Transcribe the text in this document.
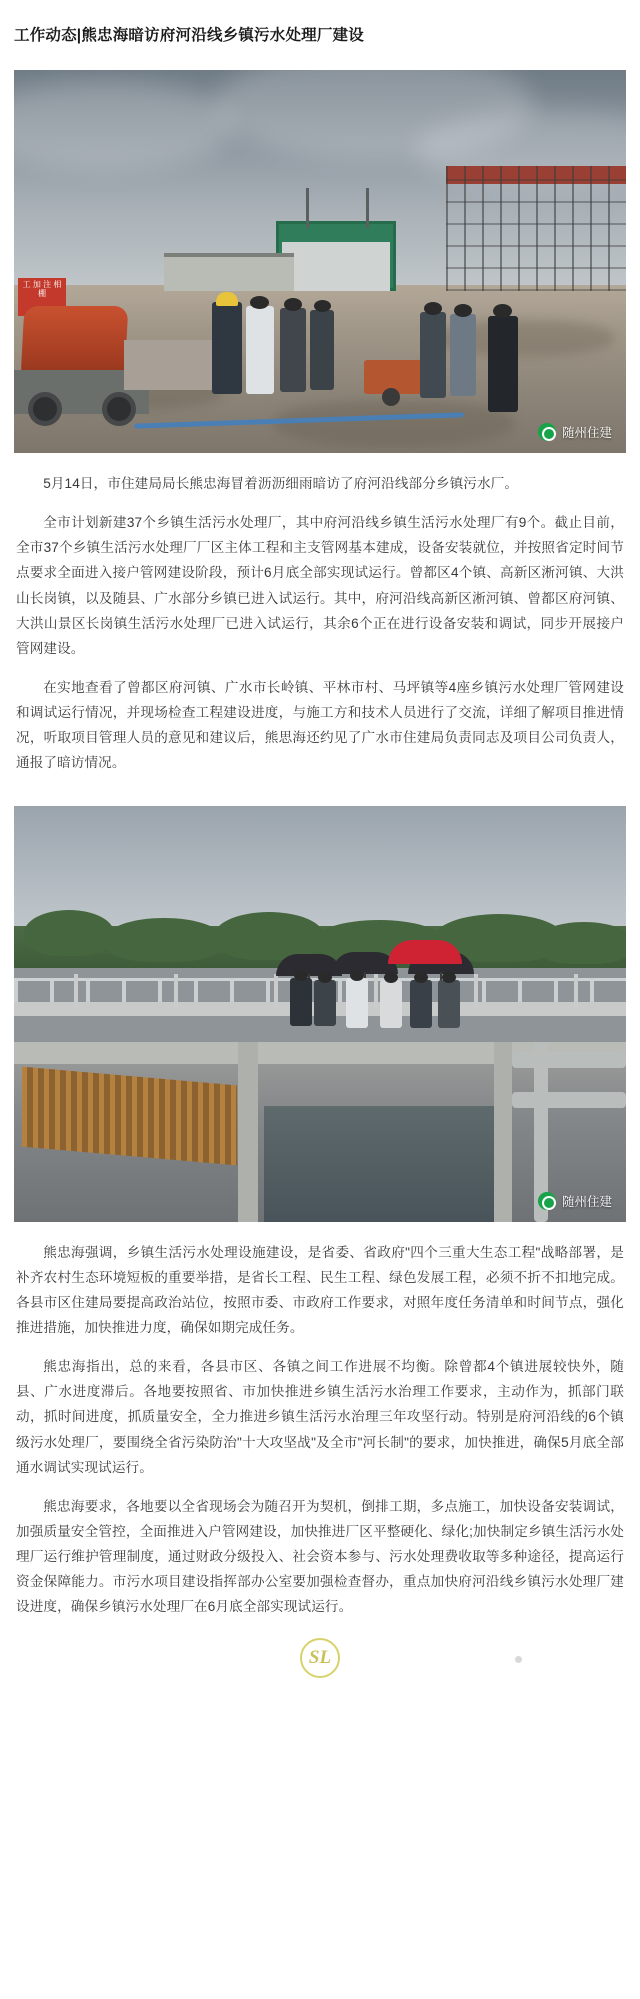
工作动态|熊忠海暗访府河沿线乡镇污水处理厂建设
工 加 注 相 棚
随州住建

5月14日，市住建局局长熊忠海冒着沥沥细雨暗访了府河沿线部分乡镇污水厂。

全市计划新建37个乡镇生活污水处理厂，其中府河沿线乡镇生活污水处理厂有9个。截止目前，全市37个乡镇生活污水处理厂厂区主体工程和主支管网基本建成，设备安装就位，并按照省定时间节点要求全面进入接户管网建设阶段，预计6月底全部实现试运行。曾都区4个镇、高新区淅河镇、大洪山长岗镇，以及随县、广水部分乡镇已进入试运行。其中，府河沿线高新区淅河镇、曾都区府河镇、大洪山景区长岗镇生活污水处理厂已进入试运行，其余6个正在进行设备安装和调试，同步开展接户管网建设。

在实地查看了曾都区府河镇、广水市长岭镇、平林市村、马坪镇等4座乡镇污水处理厂管网建设和调试运行情况，并现场检查工程建设进度，与施工方和技术人员进行了交流，详细了解项目推进情况，听取项目管理人员的意见和建议后，熊思海还约见了广水市住建局负责同志及项目公司负责人，通报了暗访情况。

随州住建

熊忠海强调，乡镇生活污水处理设施建设，是省委、省政府"四个三重大生态工程"战略部署，是补齐农村生态环境短板的重要举措，是省长工程、民生工程、绿色发展工程，必须不折不扣地完成。各县市区住建局要提高政治站位，按照市委、市政府工作要求，对照年度任务清单和时间节点，强化推进措施，加快推进力度，确保如期完成任务。

熊忠海指出，总的来看，各县市区、各镇之间工作进展不均衡。除曾都4个镇进展较快外，随县、广水进度滞后。各地要按照省、市加快推进乡镇生活污水治理工作要求，主动作为，抓部门联动，抓时间进度，抓质量安全，全力推进乡镇生活污水治理三年攻坚行动。特别是府河沿线的6个镇级污水处理厂，要围绕全省污染防治"十大攻坚战"及全市"河长制"的要求，加快推进，确保5月底全部通水调试实现试运行。

熊忠海要求，各地要以全省现场会为随召开为契机，倒排工期，多点施工，加快设备安装调试，加强质量安全管控，全面推进入户管网建设，加快推进厂区平整硬化、绿化;加快制定乡镇生活污水处理厂运行维护管理制度，通过财政分级投入、社会资本参与、污水处理费收取等多种途径，提高运行资金保障能力。市污水项目建设指挥部办公室要加强检查督办，重点加快府河沿线乡镇污水处理厂建设进度，确保乡镇污水处理厂在6月底全部实现试运行。

SL
